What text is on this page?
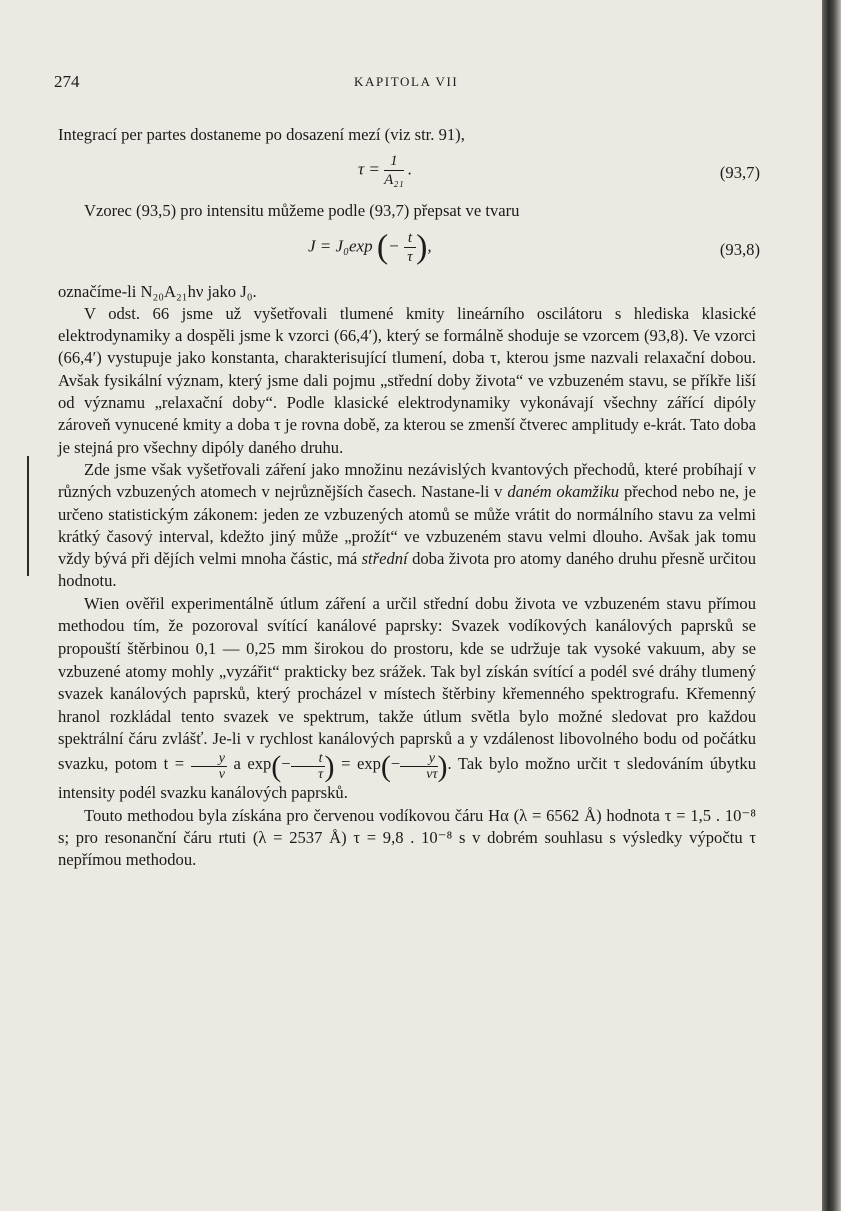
274	KAPITOLA VII

Integrací per partes dostaneme po dosazení mezí (viz str. 91),

$\tau = \frac{1}{\text{A₂₁}}$ .	(93,7)

Vzorec (93,5) pro intensitu můžeme podle (93,7) přepsat ve tvaru

J = J₀exp (− $\frac{t}{\tau}$ ),	(93,8)

označíme-li N₂₀A₂₁hν jako J₀.

V odst. 66 jsme už vyšetřovali tlumené kmity lineárního oscilátoru s hlediska klasické elektrodynamiky a dospěli jsme k vzorci (66,4′), který se formálně shoduje se vzorcem (93,8). Ve vzorci (66,4′) vystupuje jako konstanta, charakterisující tlumení, doba τ, kterou jsme nazvali relaxační dobou. Avšak fysikální význam, který jsme dali pojmu „střední doby života“ ve vzbuzeném stavu, se příkře liší od významu „relaxační doby“. Podle klasické elektrodynamiky vykonávají všechny zářící dipóly zároveň vynucené kmity a doba τ je rovna době, za kterou se zmenší čtverec amplitudy e-krát. Tato doba je stejná pro všechny dipóly daného druhu.

Zde jsme však vyšetřovali záření jako množinu nezávislých kvantových přechodů, které probíhají v různých vzbuzených atomech v nejrůznějších časech. Nastane-li v daném okamžiku přechod nebo ne, je určeno statistickým zákonem: jeden ze vzbuzených atomů se může vrátit do normálního stavu za velmi krátký časový interval, kdežto jiný může „prožít“ ve vzbuzeném stavu velmi dlouho. Avšak jak tomu vždy bývá při dějích velmi mnoha částic, má střední doba života pro atomy daného druhu přesně určitou hodnotu.

Wien ověřil experimentálně útlum záření a určil střední dobu života ve vzbuzeném stavu přímou methodou tím, že pozoroval svítící kanálové paprsky: Svazek vodíkových kanálových paprsků se propouští štěrbinou 0,1 — 0,25 mm širokou do prostoru, kde se udržuje tak vysoké vakuum, aby se vzbuzené atomy mohly „vyzářit“ prakticky bez srážek. Tak byl získán svítící a podél své dráhy tlumený svazek kanálových paprsků, který procházel v místech štěrbiny křemenného spektrografu. Křemenný hranol rozkládal tento svazek ve spektrum, takže útlum světla bylo možné sledovat pro každou spektrální čáru zvlášť. Je-li v rychlost kanálových paprsků a y vzdálenost libovolného bodu od počátku svazku, potom $t = \frac{y}{v}$ a $\exp(- \frac{t}{\tau}$ ) = $\exp(- \frac{y}{v\tau}$ ). Tak bylo možno určit τ sledováním úbytku intensity podél svazku kanálových paprsků.

Touto methodou byla získána pro červenou vodíkovou čáru Hα (λ = 6562 Å) hodnota τ = 1,5 . 10⁻⁸ s; pro resonanční čáru rtuti (λ = 2537 Å) τ = 9,8 . 10⁻⁸ s v dobrém souhlasu s výsledky výpočtu τ nepřímou methodou.
